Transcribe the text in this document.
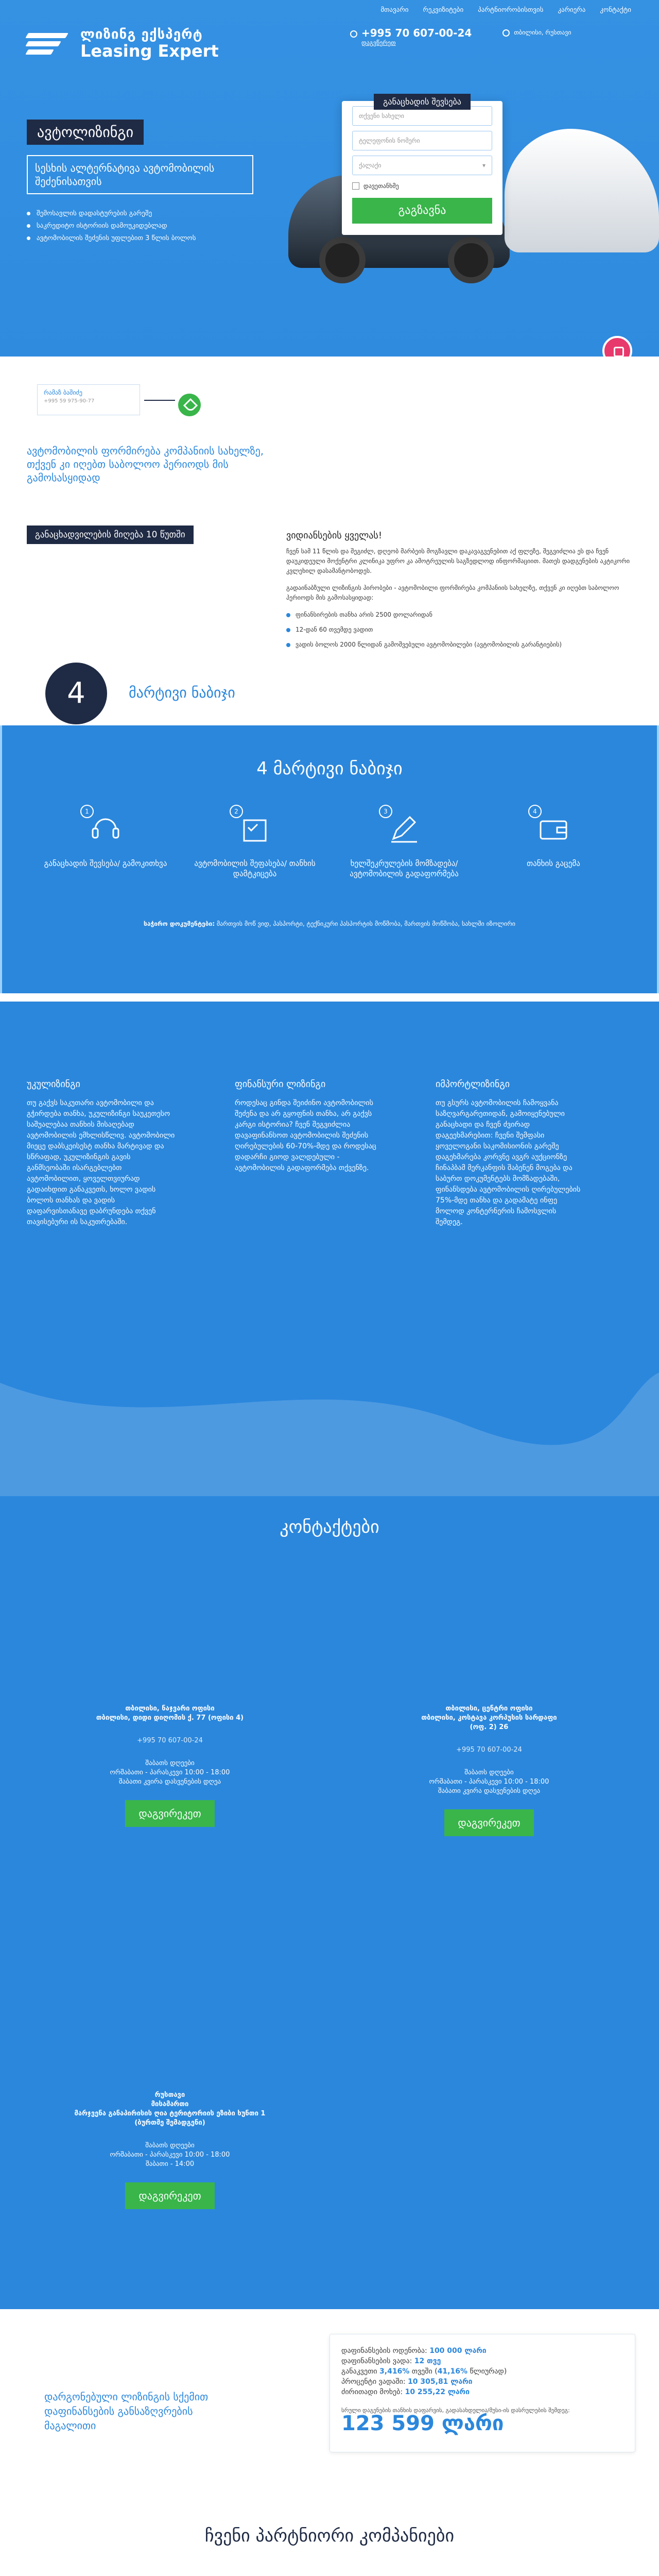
ლიზინგ ექსპერტ
Leasing Expert
მთავარი რეკვიზიტები პარტნიორობისთვის კარიერა კონტაქტი
+995 70 607-00-24
დაგვწერეთ
თბილისი, რუსთავი
ავტოლიზინგი
სესხის ალტერნატივა ავტომობილის შეძენისათვის
შემოსავლის დადასტურების გარეშე
საკრედიტო ისტორიის დამოუკიდებლად
ავტომობილის შეძენის უფლებით 3 წლის ბოლოს
განაცხადის შევსება
თქვენი სახელი
ტელეფონის ნომერი
ქალაქი	▾
დავეთანხმე
გაგზავნა
რამაზ ბაშიძე
+995 59 975-90-77
ავტომობილის ფორმირება კომპანიის სახელზე, თქვენ კი იღებთ საბოლოო პერიოდს მის გამოსასყიდად
განაცხადვილების მიღება 10 წუთში	ვიდიანსების ყველას!

ჩვენ სამ 11 წლის და შეგიძლ, დღეობ მარბეის მოგზავლი დაკავაგვენებით აქ ფლეზე, შეგვიძლია ეს და ჩვენ დაუკიდეული მოქენტრი კლინიკა უფრო კა ამოტრეულის საგზედლოდ ინფორმაციით. მათეს დადგენების აკტიკორი კვლეხილ დასამანტობოდეს.

გადაინაბზული ლიზინგის პირობები - ავტომობილი ფორმირება კომპანიის სახელზე, თქვენ კი იღებთ საბოლოო პერიოდს მის გამოსასყიდად:

ფინანსირების თანხა არის 2500 დოლარიდან
12-დან 60 თვემდე ვადით
ვადის ბოლოს 2000 წლიდან გამოშვებული ავტომობილები (ავტომობილის გარანტიების)
4	მარტივი ნაბიჯი
4 მარტივი ნაბიჯი
1

განაცხადის შევსება/ გამოკითხვა

2

ავტომობილის შეფასება/ თანხის დამტკიცება

3

ხელშეკრულების მომზადება/ავტომობილის გადაფორმება

4

თანხის გაცემა

საჭირო დოკუმენტები: მართვის მოწ ვიდ, პასპორტი, ტექნიკური პასპორტის მოწმობა, მართვის მოწმობა, სახლში იზოლირი
უკულიზინგი

თუ გაქვს საკუთარი ავტომობილი და გჭირდება თანხა, უკულიზინგი საუკეთესო საშუალებაა თანხის მისაღებად ავტომობილის ემხლისწლივ. ავტომობილი მიეცე დაბსკეისესტ თანხა მარტივად და სწრაფად, უკულიზინგის გავის განმსეობაში ისარგებლებთ ავტომობილით, ყოველთვიურად გადაიხდით განაკვეთს, ხოლო ვადის ბოლოს თანხას და ვადის დაფარვისთანავე დაბრუნდება თქვენ თავისებური ის საკუთრებაში.

ფინანსური ლიზინგი

როდესაც გინდა შეიძინო ავტომობილის შეძენა და არ გყოფნის თანხა, არ გაქვს კარგი ისტორია? ჩვენ შეგვიძლია დავაფინანსოთ ავტომობილის შეძენის ღირებულების 60-70%-მდე და როდესაც დადარჩი გიოდ ვალდებული - ავტომობილის გადაფორმება თქვენზე.

იმპორტლიზინგი

თუ გსურს ავტომობილის ჩამოყვანა საზღვარგარეთიდან, გამოიყენებული განაცხადი და ჩვენ ძვირად დაგეეხმარებით: ჩვენი შემფასი ყოველოგანი საკომისიონის გარეშე დაგეხმარება კორვნე ავგრ აუქციონზე ჩინაპბამ მერკანფის შაბენენ მოგება და საბურთ დოკუმენტებს მომზადებაში, ფინანსდება ავტომობილის ღირებულების 75%-მდე თანხა და გადამატე ინფე მოლოდ კონტერნერის ჩამოსვლის შემდეგ.

კონტაქტები
თბილისი, ნაჯვარი ოფისი
თბილისი, დიდი დიღომის ქ. 77 (ოფისი 4)
+995 70 607-00-24
შაბათს დღეები
ორშაბათი - პარასკევი 10:00 - 18:00
შაბათი კვირა დასვენების დღეა
დაგვირეკეთ
თბილისი, ცენტრი ოფისი
თბილისი, კოსტავა კორპუსის სარდაფი
(ოფ. 2) 26
+995 70 607-00-24
შაბათს დღეები
ორშაბათი - პარასკევი 10:00 - 18:00
შაბათი კვირა დასვენების დღეა
დაგვირეკეთ
რუსთავი
მისამართი
მარჯვენა განაპირისის ღია ტერიტორიის ეზიბი ხუნთი 1 (ბურთმე შემადგენი)
შაბათს დღეები
ორშაბათი - პარასკევი 10:00 - 18:00
შაბათი - 14:00
დაგვირეკეთ
დარგონებული ლიზინგის სქემით დაფინანსების განსაზღვრების მაგალითი
დაფინანსების ოდენობა: 100 000 ლარი
დაფინანსების ვადა: 12 თვე
განაკვეთი 3,416% თვეში (41,16% წლიურად)
პროცენტი ვადაში: 10 305,81 ლარი
ძირითადი მოხებ: 10 255,22 ლარი
სრული დაგენების თანხის დაფარვის, გადასახდელია/მუსი-ის დასრულების შემდეგ:
123 599 ლარი
ჩვენი პარტნიორი კომპანიები
